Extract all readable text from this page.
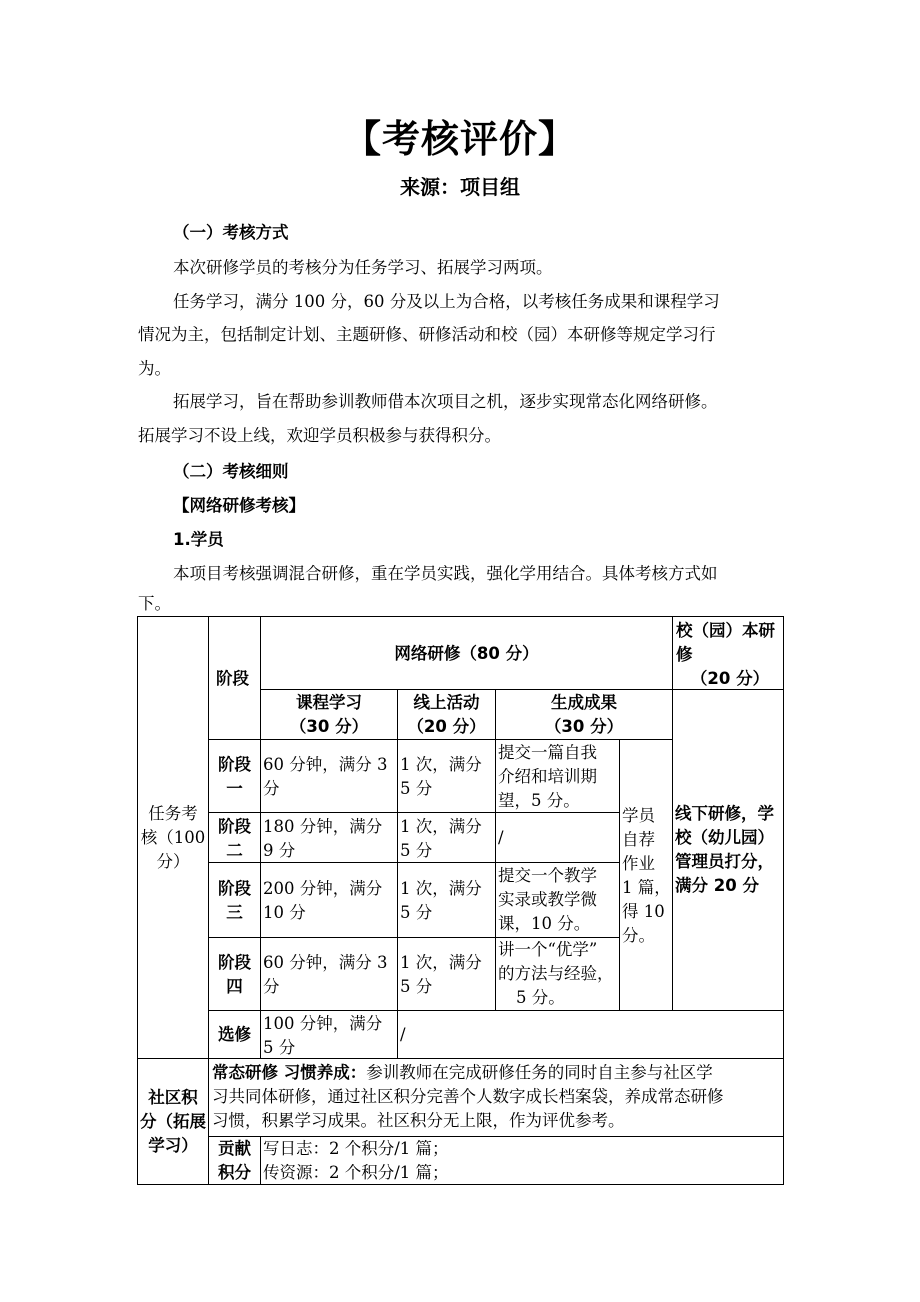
【考核评价】
来源：项目组
（一）考核方式
本次研修学员的考核分为任务学习、拓展学习两项。
任务学习，满分 100 分，60 分及以上为合格，以考核任务成果和课程学习
情况为主，包括制定计划、主题研修、研修活动和校（园）本研修等规定学习行
为。
拓展学习，旨在帮助参训教师借本次项目之机，逐步实现常态化网络研修。
拓展学习不设上线，欢迎学员积极参与获得积分。
（二）考核细则
【网络研修考核】
1.学员
本项目考核强调混合研修，重在学员实践，强化学用结合。具体考核方式如
下。
任务考
核（100
分）
阶段
网络研修（80 分）
校（园）本研
修
（20 分）
课程学习
（30 分）
线上活动
（20 分）
生成成果
（30 分）
阶段
一
60 分钟，满分 3
分
1 次，满分
5 分
提交一篇自我
介绍和培训期
望，5 分。
阶段
二
180 分钟，满分
9 分
1 次，满分
5 分
/
阶段
三
200 分钟，满分
10 分
1 次，满分
5 分
提交一个教学
实录或教学微
课，10 分。
阶段
四
60 分钟，满分 3
分
1 次，满分
5 分
讲一个“优学”
的方法与经验，
5 分。
学员
自荐
作业
1 篇，
得 10
分。
线下研修，学
校（幼儿园）
管理员打分，
满分 20 分
选修
100 分钟，满分
5 分
/
社区积
分（拓展
学习）
常态研修 习惯养成：参训教师在完成研修任务的同时自主参与社区学
习共同体研修，通过社区积分完善个人数字成长档案袋，养成常态研修
习惯，积累学习成果。社区积分无上限，作为评优参考。
贡献
积分
写日志：2 个积分/1 篇；
传资源：2 个积分/1 篇；
